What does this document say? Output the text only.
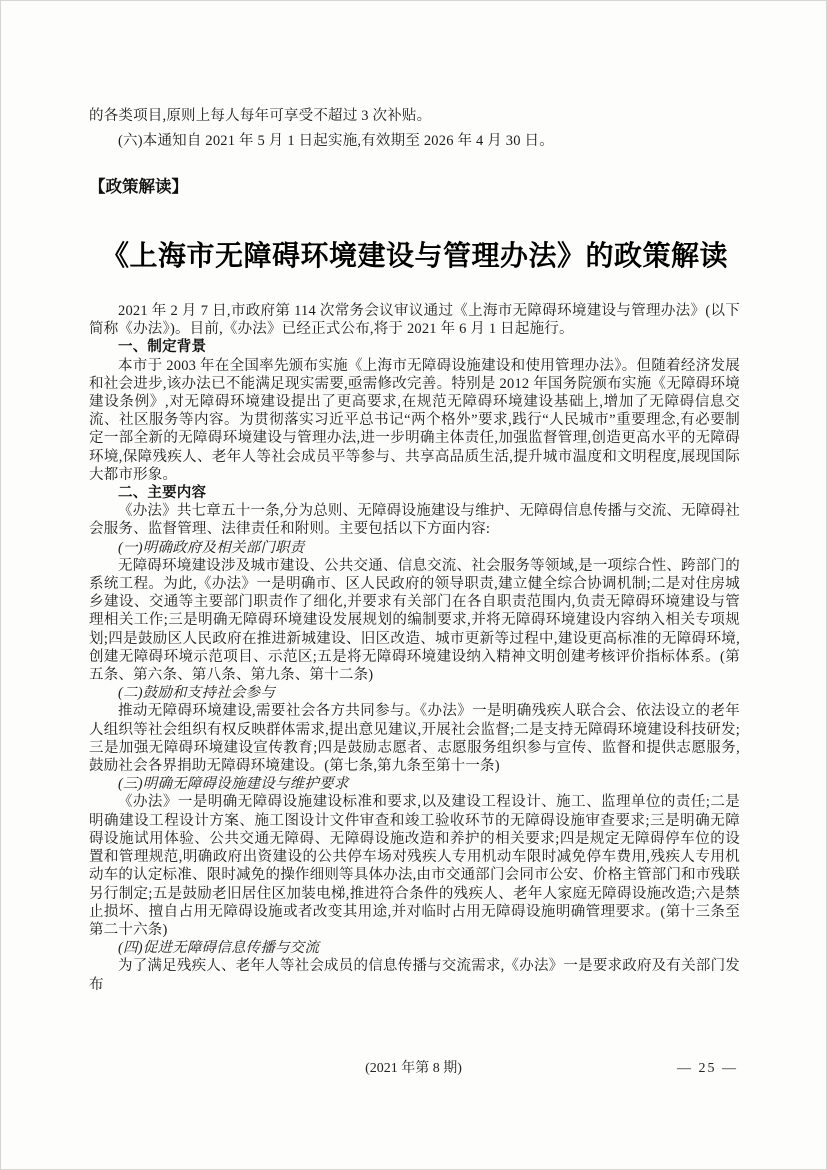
的各类项目,原则上每人每年可享受不超过 3 次补贴。

(六)本通知自 2021 年 5 月 1 日起实施,有效期至 2026 年 4 月 30 日。

【政策解读】
《上海市无障碍环境建设与管理办法》的政策解读

2021 年 2 月 7 日,市政府第 114 次常务会议审议通过《上海市无障碍环境建设与管理办法》(以下简称《办法》)。目前,《办法》已经正式公布,将于 2021 年 6 月 1 日起施行。

一、制定背景

本市于 2003 年在全国率先颁布实施《上海市无障碍设施建设和使用管理办法》。但随着经济发展和社会进步,该办法已不能满足现实需要,亟需修改完善。特别是 2012 年国务院颁布实施《无障碍环境建设条例》,对无障碍环境建设提出了更高要求,在规范无障碍环境建设基础上,增加了无障碍信息交流、社区服务等内容。为贯彻落实习近平总书记“两个格外”要求,践行“人民城市”重要理念,有必要制定一部全新的无障碍环境建设与管理办法,进一步明确主体责任,加强监督管理,创造更高水平的无障碍环境,保障残疾人、老年人等社会成员平等参与、共享高品质生活,提升城市温度和文明程度,展现国际大都市形象。

二、主要内容

《办法》共七章五十一条,分为总则、无障碍设施建设与维护、无障碍信息传播与交流、无障碍社会服务、监督管理、法律责任和附则。主要包括以下方面内容:

(一)明确政府及相关部门职责

无障碍环境建设涉及城市建设、公共交通、信息交流、社会服务等领域,是一项综合性、跨部门的系统工程。为此,《办法》一是明确市、区人民政府的领导职责,建立健全综合协调机制;二是对住房城乡建设、交通等主要部门职责作了细化,并要求有关部门在各自职责范围内,负责无障碍环境建设与管理相关工作;三是明确无障碍环境建设发展规划的编制要求,并将无障碍环境建设内容纳入相关专项规划;四是鼓励区人民政府在推进新城建设、旧区改造、城市更新等过程中,建设更高标准的无障碍环境,创建无障碍环境示范项目、示范区;五是将无障碍环境建设纳入精神文明创建考核评价指标体系。(第五条、第六条、第八条、第九条、第十二条)

(二)鼓励和支持社会参与

推动无障碍环境建设,需要社会各方共同参与。《办法》一是明确残疾人联合会、依法设立的老年人组织等社会组织有权反映群体需求,提出意见建议,开展社会监督;二是支持无障碍环境建设科技研发;三是加强无障碍环境建设宣传教育;四是鼓励志愿者、志愿服务组织参与宣传、监督和提供志愿服务,鼓励社会各界捐助无障碍环境建设。(第七条,第九条至第十一条)

(三)明确无障碍设施建设与维护要求

《办法》一是明确无障碍设施建设标准和要求,以及建设工程设计、施工、监理单位的责任;二是明确建设工程设计方案、施工图设计文件审查和竣工验收环节的无障碍设施审查要求;三是明确无障碍设施试用体验、公共交通无障碍、无障碍设施改造和养护的相关要求;四是规定无障碍停车位的设置和管理规范,明确政府出资建设的公共停车场对残疾人专用机动车限时减免停车费用,残疾人专用机动车的认定标准、限时减免的操作细则等具体办法,由市交通部门会同市公安、价格主管部门和市残联另行制定;五是鼓励老旧居住区加装电梯,推进符合条件的残疾人、老年人家庭无障碍设施改造;六是禁止损坏、擅自占用无障碍设施或者改变其用途,并对临时占用无障碍设施明确管理要求。(第十三条至第二十六条)

(四)促进无障碍信息传播与交流

为了满足残疾人、老年人等社会成员的信息传播与交流需求,《办法》一是要求政府及有关部门发布

(2021 年第 8 期)	— 25 —
